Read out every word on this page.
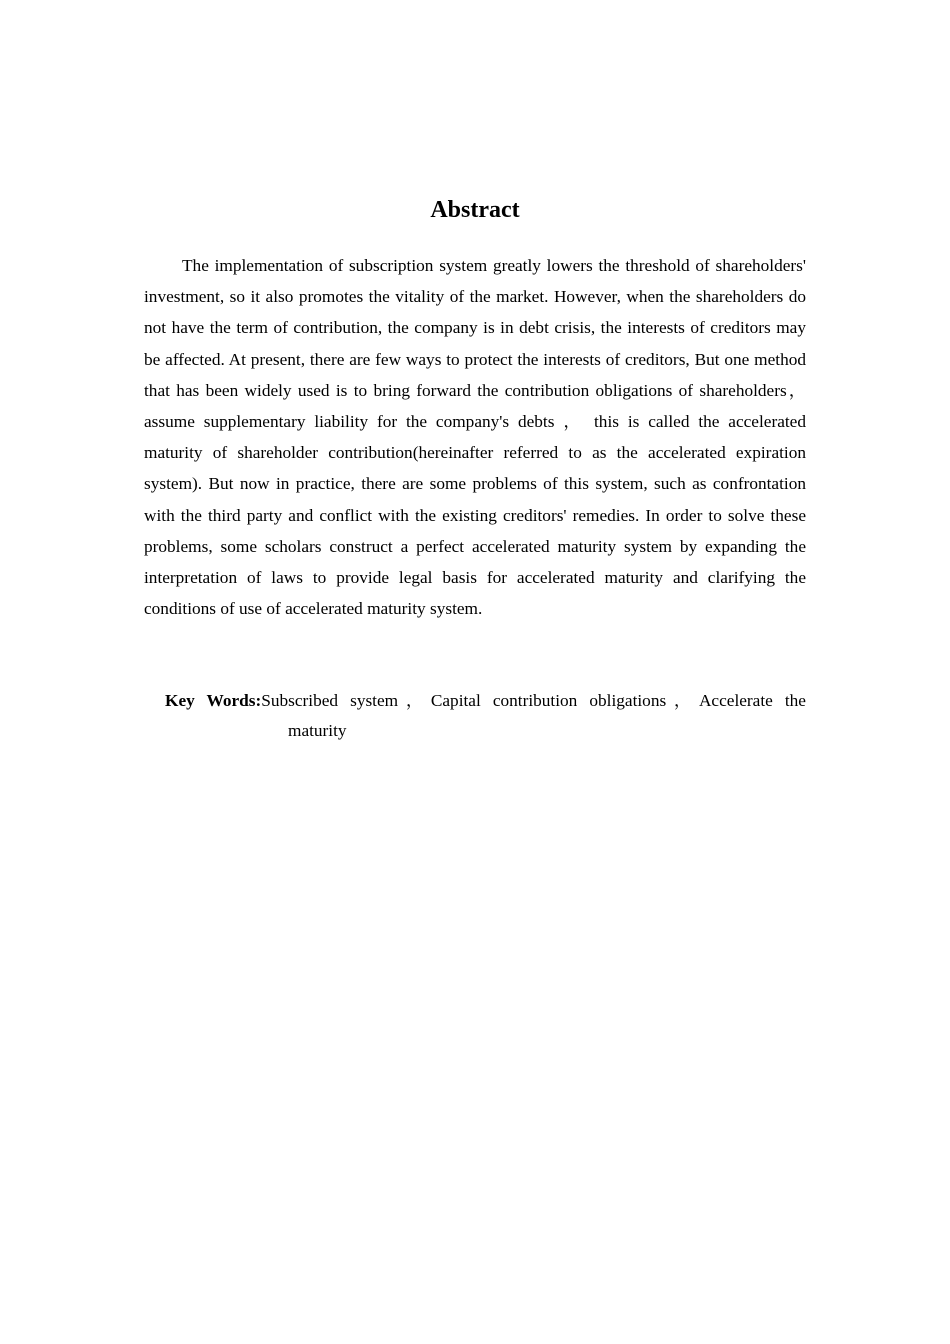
Abstract

The implementation of subscription system greatly lowers the threshold of shareholders' investment, so it also promotes the vitality of the market. However, when the shareholders do not have the term of contribution, the company is in debt crisis, the interests of creditors may be affected. At present, there are few ways to protect the interests of creditors, But one method that has been widely used is to bring forward the contribution obligations of shareholders， assume supplementary liability for the company's debts ， this is called the accelerated maturity of shareholder contribution(hereinafter referred to as the accelerated expiration system). But now in practice, there are some problems of this system, such as confrontation with the third party and conflict with the existing creditors' remedies. In order to solve these problems, some scholars construct a perfect accelerated maturity system by expanding the interpretation of laws to provide legal basis for accelerated maturity and clarifying the conditions of use of accelerated maturity system.

Key Words:Subscribed system，Capital contribution obligations，Accelerate the

maturity
